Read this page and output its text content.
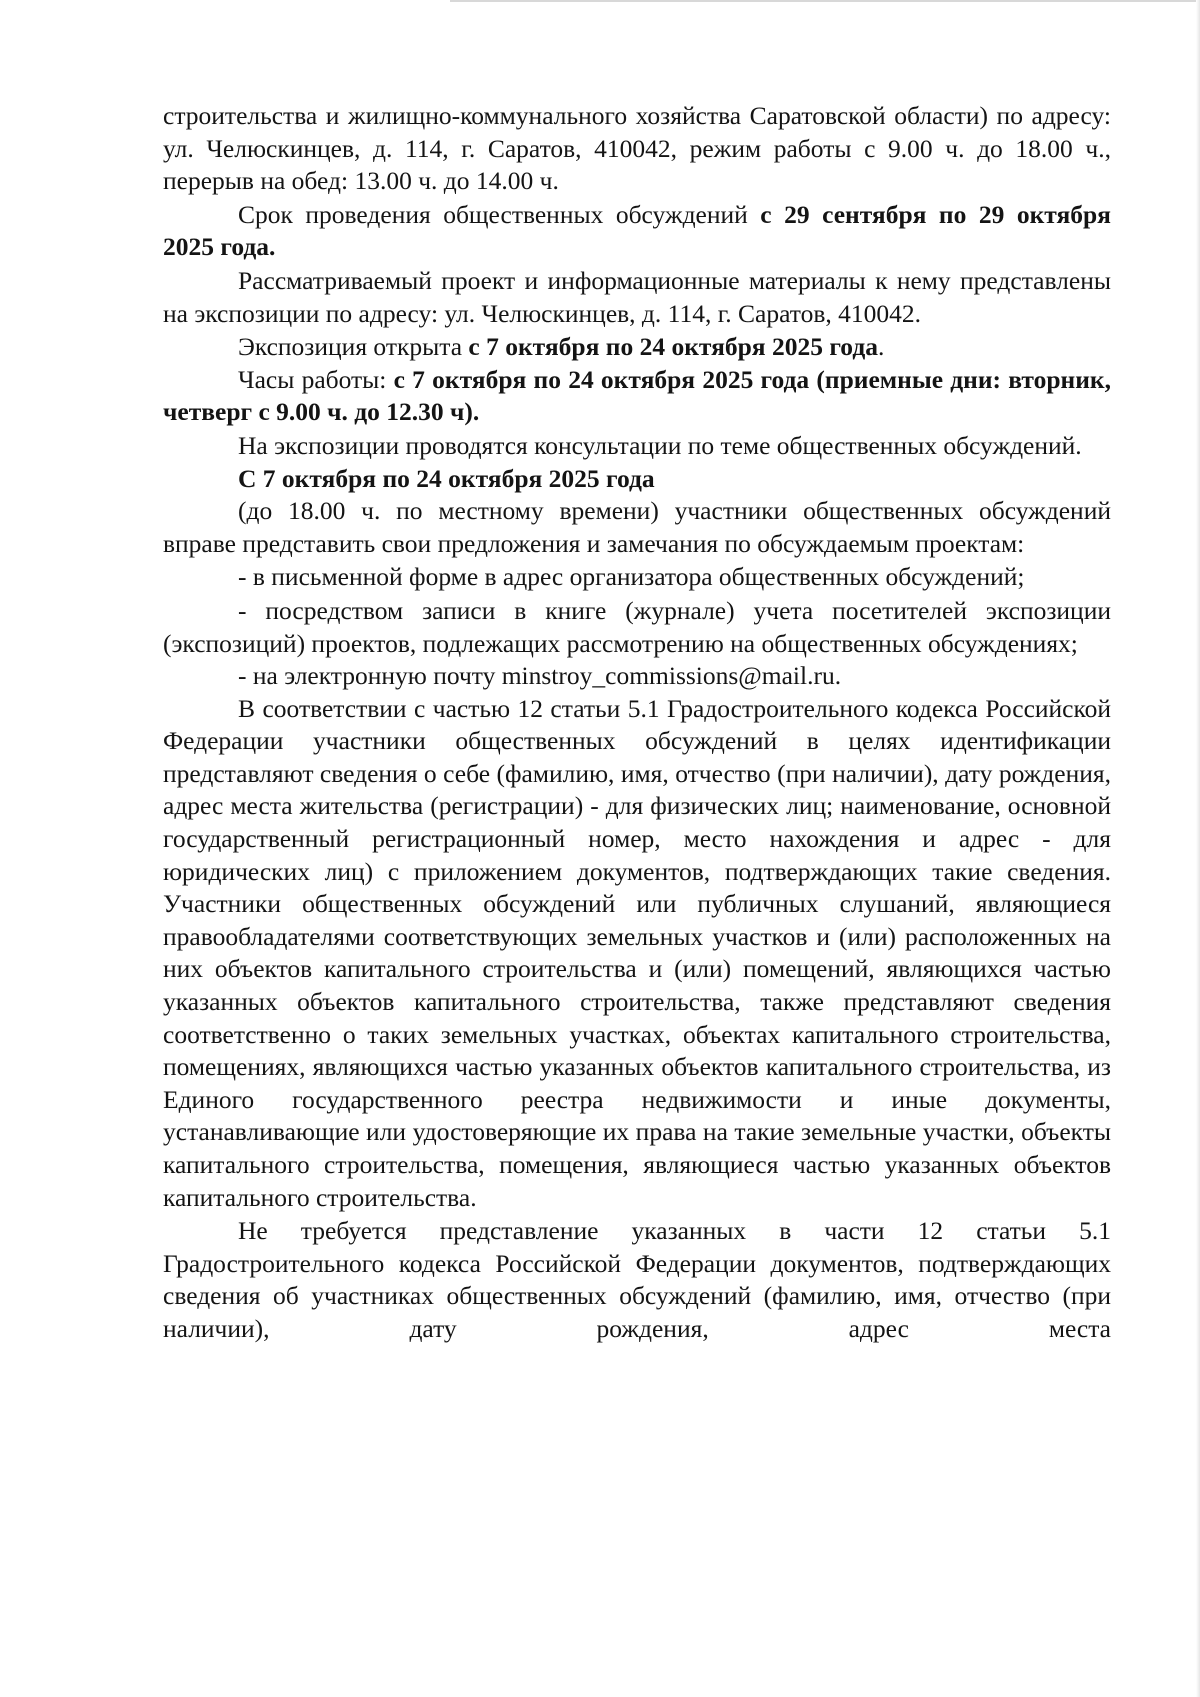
строительства и жилищно-коммунального хозяйства Саратовской области) по адресу: ул. Челюскинцев, д. 114, г. Саратов, 410042, режим работы с 9.00 ч. до 18.00 ч., перерыв на обед: 13.00 ч. до 14.00 ч.

Срок проведения общественных обсуждений с 29 сентября по 29 октября 2025 года.

Рассматриваемый проект и информационные материалы к нему представлены на экспозиции по адресу: ул. Челюскинцев, д. 114, г. Саратов, 410042.

Экспозиция открыта с 7 октября по 24 октября 2025 года.

Часы работы: с 7 октября по 24 октября 2025 года (приемные дни: вторник, четверг с 9.00 ч. до 12.30 ч).

На экспозиции проводятся консультации по теме общественных обсуждений.

С 7 октября по 24 октября 2025 года

(до 18.00 ч. по местному времени) участники общественных обсуждений вправе представить свои предложения и замечания по обсуждаемым проектам:

- в письменной форме в адрес организатора общественных обсуждений;

- посредством записи в книге (журнале) учета посетителей экспозиции (экспозиций) проектов, подлежащих рассмотрению на общественных обсуждениях;

- на электронную почту minstroy_commissions@mail.ru.

В соответствии с частью 12 статьи 5.1 Градостроительного кодекса Российской Федерации участники общественных обсуждений в целях идентификации представляют сведения о себе (фамилию, имя, отчество (при наличии), дату рождения, адрес места жительства (регистрации) - для физических лиц; наименование, основной государственный регистрационный номер, место нахождения и адрес - для юридических лиц) с приложением документов, подтверждающих такие сведения. Участники общественных обсуждений или публичных слушаний, являющиеся правообладателями соответствующих земельных участков и (или) расположенных на них объектов капитального строительства и (или) помещений, являющихся частью указанных объектов капитального строительства, также представляют сведения соответственно о таких земельных участках, объектах капитального строительства, помещениях, являющихся частью указанных объектов капитального строительства, из Единого государственного реестра недвижимости и иные документы, устанавливающие или удостоверяющие их права на такие земельные участки, объекты капитального строительства, помещения, являющиеся частью указанных объектов капитального строительства.

Не требуется представление указанных в части 12 статьи 5.1 Градостроительного кодекса Российской Федерации документов, подтверждающих сведения об участниках общественных обсуждений (фамилию, имя, отчество (при наличии), дату рождения, адрес места
